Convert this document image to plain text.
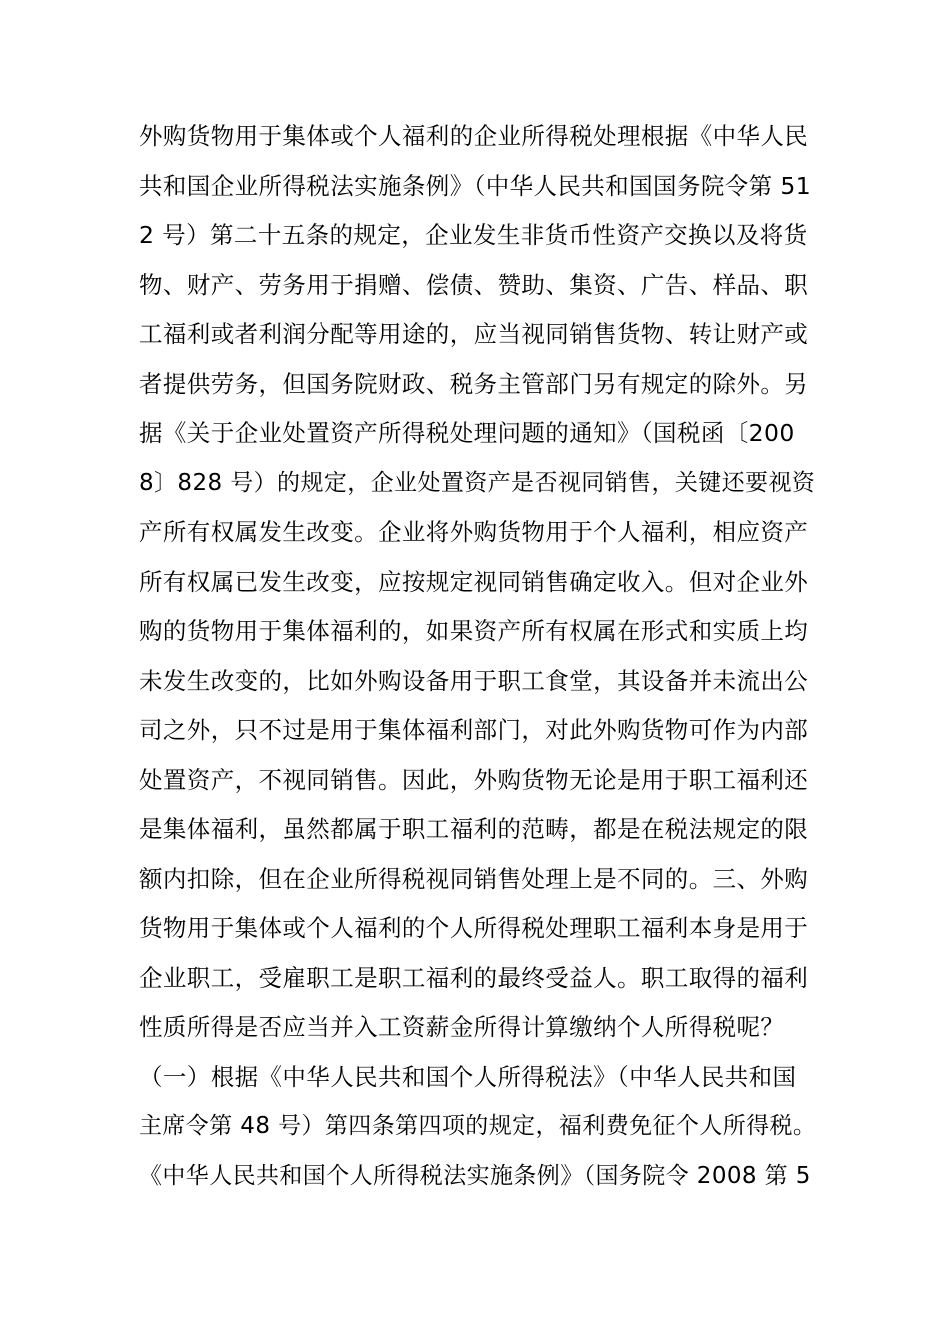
外购货物用于集体或个人福利的企业所得税处理根据《中华人民
共和国企业所得税法实施条例》（中华人民共和国国务院令第 51
2 号）第二十五条的规定，企业发生非货币性资产交换以及将货
物、财产、劳务用于捐赠、偿债、赞助、集资、广告、样品、职
工福利或者利润分配等用途的，应当视同销售货物、转让财产或
者提供劳务，但国务院财政、税务主管部门另有规定的除外。另
据《关于企业处置资产所得税处理问题的通知》（国税函〔200
8〕828 号）的规定，企业处置资产是否视同销售，关键还要视资
产所有权属发生改变。企业将外购货物用于个人福利，相应资产
所有权属已发生改变，应按规定视同销售确定收入。但对企业外
购的货物用于集体福利的，如果资产所有权属在形式和实质上均
未发生改变的，比如外购设备用于职工食堂，其设备并未流出公
司之外，只不过是用于集体福利部门，对此外购货物可作为内部
处置资产，不视同销售。因此，外购货物无论是用于职工福利还
是集体福利，虽然都属于职工福利的范畴，都是在税法规定的限
额内扣除，但在企业所得税视同销售处理上是不同的。三、外购
货物用于集体或个人福利的个人所得税处理职工福利本身是用于
企业职工，受雇职工是职工福利的最终受益人。职工取得的福利
性质所得是否应当并入工资薪金所得计算缴纳个人所得税呢？
（一）根据《中华人民共和国个人所得税法》（中华人民共和国
主席令第 48 号）第四条第四项的规定，福利费免征个人所得税。
《中华人民共和国个人所得税法实施条例》（国务院令 2008 第 5
